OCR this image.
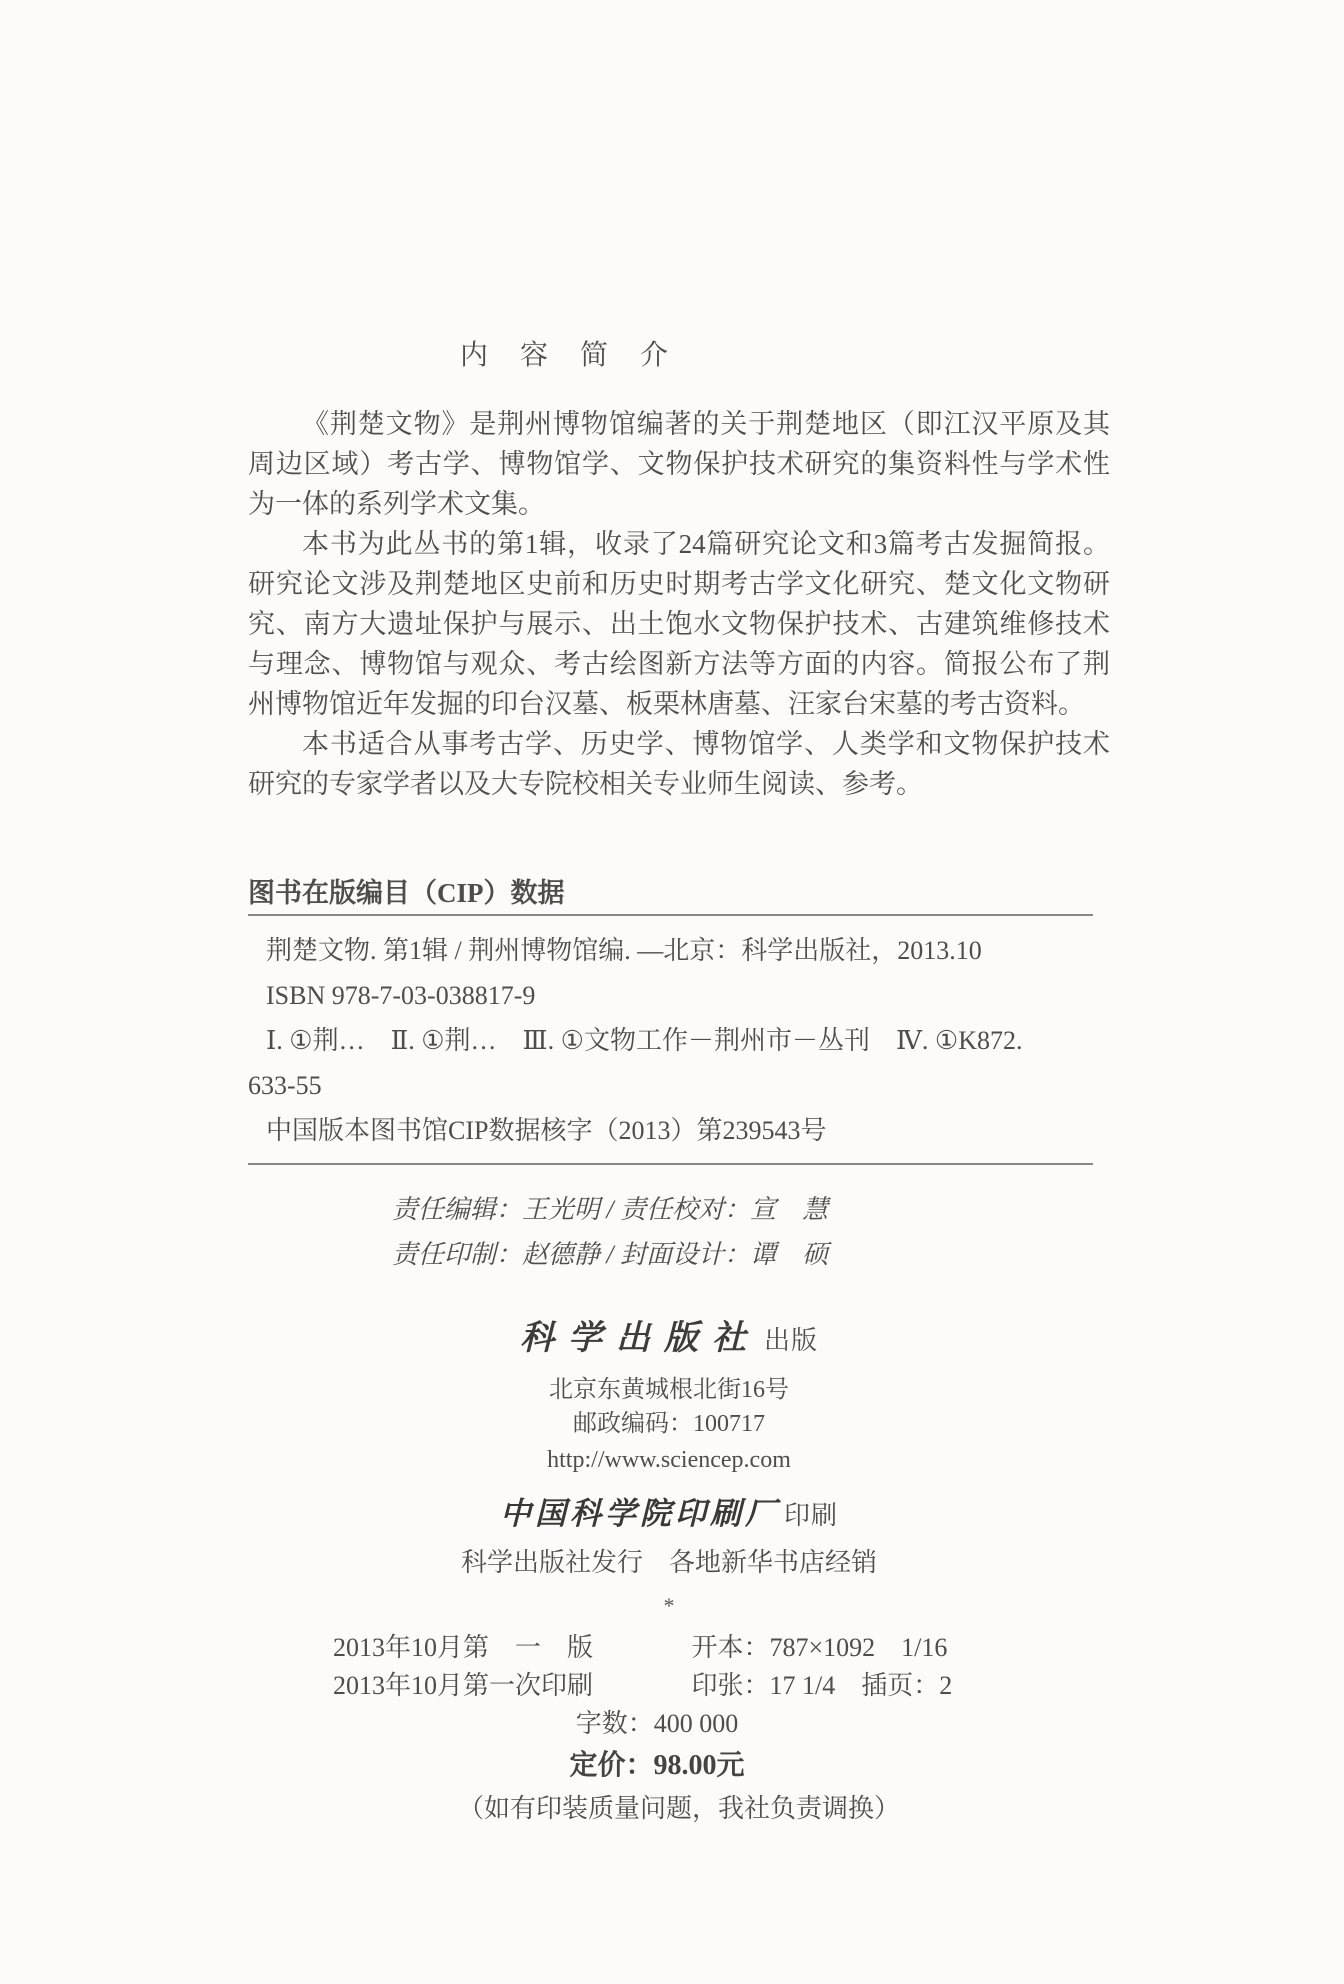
内　容　简　介

《荆楚文物》是荆州博物馆编著的关于荆楚地区（即江汉平原及其周边区域）考古学、博物馆学、文物保护技术研究的集资料性与学术性为一体的系列学术文集。

本书为此丛书的第1辑，收录了24篇研究论文和3篇考古发掘简报。研究论文涉及荆楚地区史前和历史时期考古学文化研究、楚文化文物研究、南方大遗址保护与展示、出土饱水文物保护技术、古建筑维修技术与理念、博物馆与观众、考古绘图新方法等方面的内容。简报公布了荆州博物馆近年发掘的印台汉墓、板栗林唐墓、汪家台宋墓的考古资料。

本书适合从事考古学、历史学、博物馆学、人类学和文物保护技术研究的专家学者以及大专院校相关专业师生阅读、参考。

图书在版编目（CIP）数据
荆楚文物. 第1辑 / 荆州博物馆编. —北京：科学出版社，2013.10
ISBN 978-7-03-038817-9
Ⅰ. ①荆…　Ⅱ. ①荆…　Ⅲ. ①文物工作－荆州市－丛刊　Ⅳ. ①K872.
633-55
中国版本图书馆CIP数据核字（2013）第239543号
责任编辑：王光明 / 责任校对：宣　慧
责任印制：赵德静 / 封面设计：谭　硕
科学出版社 出版
北京东黄城根北街16号
邮政编码：100717
http://www.sciencep.com
中国科学院印刷厂 印刷
科学出版社发行　各地新华书店经销
*
2013年10月第　一　版	开本：787×1092　1/16
2013年10月第一次印刷	印张：17 1/4　插页：2
字数：400 000
定价：98.00元
（如有印装质量问题，我社负责调换）
